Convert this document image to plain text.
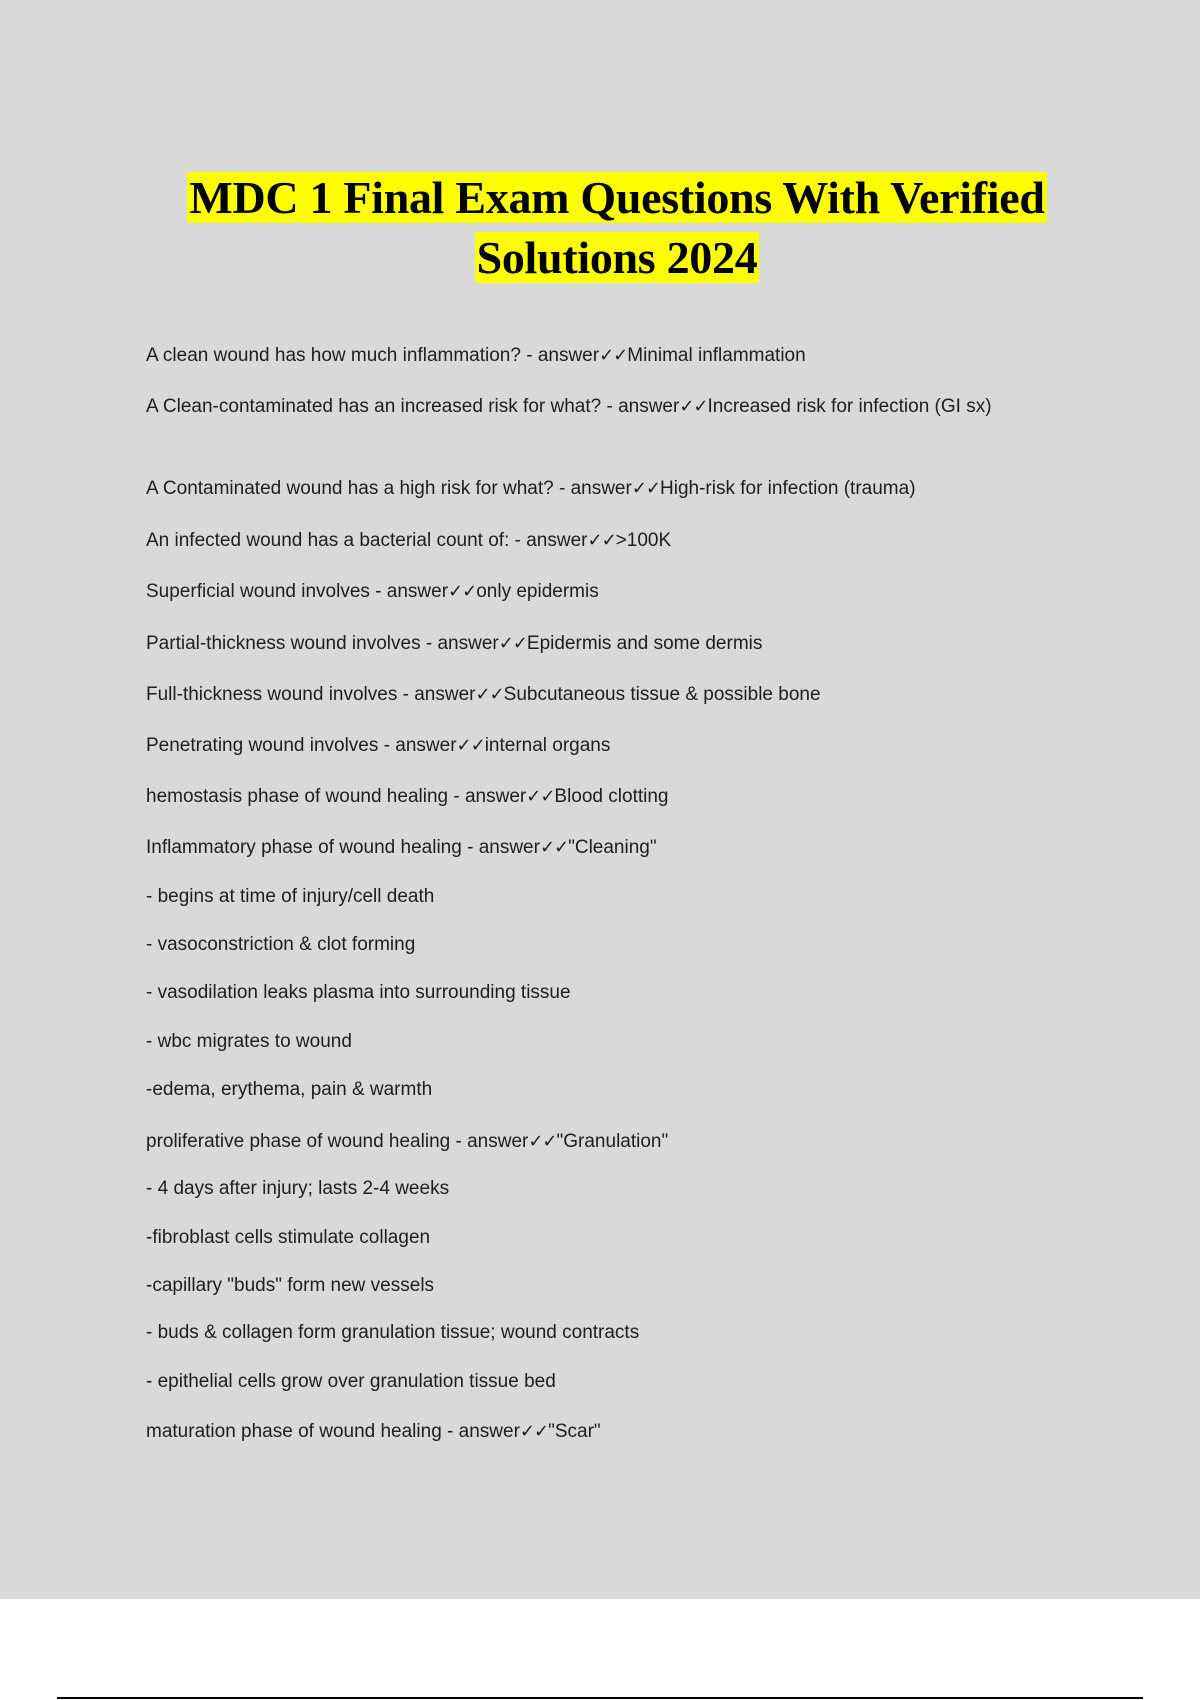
MDC 1 Final Exam Questions With Verified
Solutions 2024
A clean wound has how much inflammation? - answer✓✓Minimal inflammation
A Clean-contaminated has an increased risk for what? - answer✓✓Increased risk for infection (GI sx)
A Contaminated wound has a high risk for what? - answer✓✓High-risk for infection (trauma)
An infected wound has a bacterial count of: - answer✓✓>100K
Superficial wound involves - answer✓✓only epidermis
Partial-thickness wound involves - answer✓✓Epidermis and some dermis
Full-thickness wound involves - answer✓✓Subcutaneous tissue & possible bone
Penetrating wound involves - answer✓✓internal organs
hemostasis phase of wound healing - answer✓✓Blood clotting
Inflammatory phase of wound healing - answer✓✓"Cleaning"
- begins at time of injury/cell death
- vasoconstriction & clot forming
- vasodilation leaks plasma into surrounding tissue
- wbc migrates to wound
-edema, erythema, pain & warmth
proliferative phase of wound healing - answer✓✓"Granulation"
- 4 days after injury; lasts 2-4 weeks
-fibroblast cells stimulate collagen
-capillary "buds" form new vessels
- buds & collagen form granulation tissue; wound contracts
- epithelial cells grow over granulation tissue bed
maturation phase of wound healing - answer✓✓"Scar"
